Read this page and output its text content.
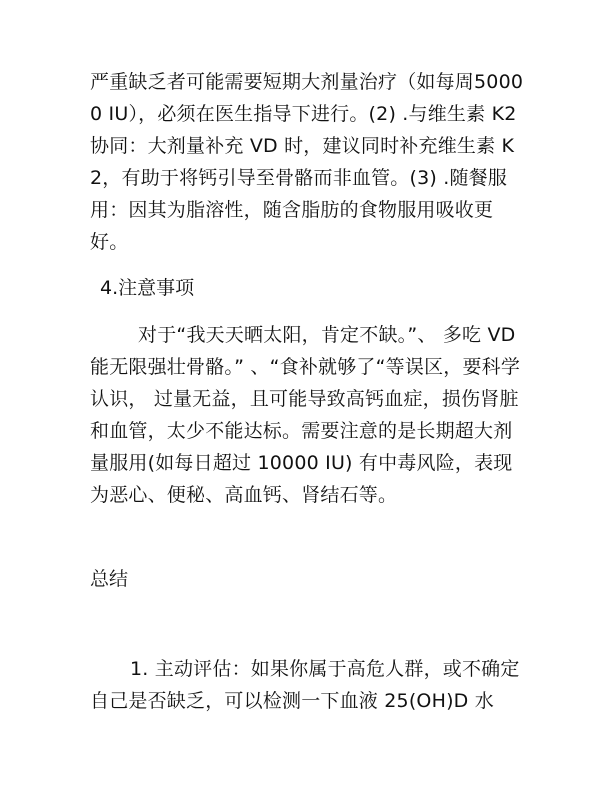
严重缺乏者可能需要短期大剂量治疗（如每周50000 IU），必须在医生指导下进行。(2) .与维生素 K2 协同：大剂量补充 VD 时，建议同时补充维生素 K2，有助于将钙引导至骨骼而非血管。(3) .随餐服用：因其为脂溶性，随含脂肪的食物服用吸收更好。
4.注意事项
对于“我天天晒太阳，肯定不缺。”、 多吃 VD 能无限强壮骨骼。” 、“食补就够了“等误区，要科学认识， 过量无益，且可能导致高钙血症，损伤肾脏和血管，太少不能达标。需要注意的是长期超大剂量服用(如每日超过 10000 IU) 有中毒风险，表现为恶心、便秘、高血钙、肾结石等。
总结
1. 主动评估：如果你属于高危人群，或不确定自己是否缺乏，可以检测一下血液 25(OH)D 水
